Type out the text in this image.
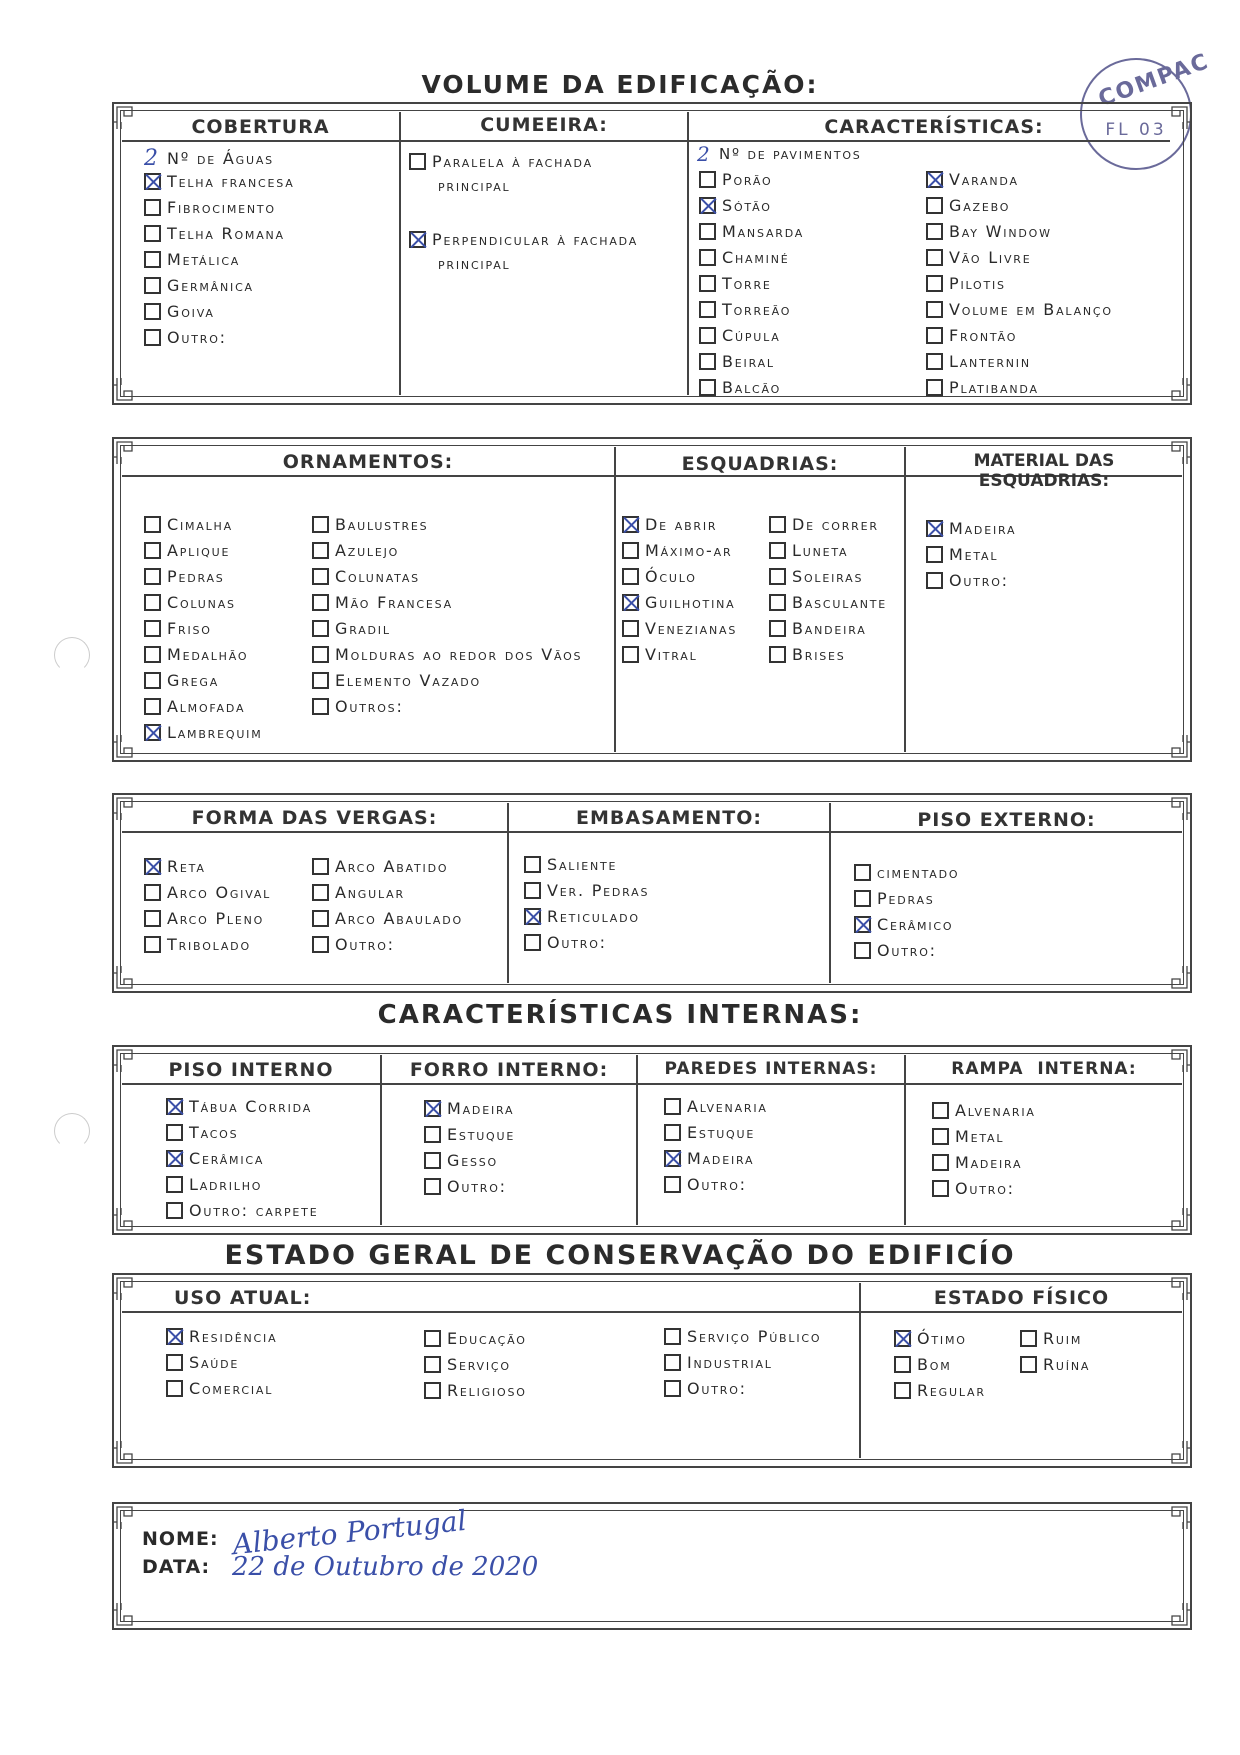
VOLUME DA EDIFICAÇÃO:	COMPAC
FL 03
COBERTURA	CUMEEIRA:	CARACTERÍSTICAS:
2 Nº de Águas
Telha francesa
Fibrocimento
Telha Romana
Metálica
Germânica
Goiva
Outro:
Paralela à fachada
principal
Perpendicular à fachada
principal
2 Nº de pavimentos
Porão
Sótão
Mansarda
Chaminé
Torre
Torreão
Cúpula
Beiral
Balcão
Varanda
Gazebo
Bay Window
Vão Livre
Pilotis
Volume em Balanço
Frontão
Lanternin
Platibanda
ORNAMENTOS:	ESQUADRIAS:	MATERIAL DAS ESQUADRIAS:
Cimalha
Aplique
Pedras
Colunas
Friso
Medalhão
Grega
Almofada
Lambrequim
Baulustres
Azulejo
Colunatas
Mão Francesa
Gradil
Molduras ao redor dos Vãos
Elemento Vazado
Outros:
De abrir
Máximo-ar
Óculo
Guilhotina
Venezianas
Vitral
De correr
Luneta
Soleiras
Basculante
Bandeira
Brises
Madeira
Metal
Outro:
FORMA DAS VERGAS:	EMBASAMENTO:	PISO EXTERNO:
Reta
Arco Ogival
Arco Pleno
Tribolado
Arco Abatido
Angular
Arco Abaulado
Outro:
Saliente
Ver. Pedras
Reticulado
Outro:
cimentado
Pedras
Cerâmico
Outro:
CARACTERÍSTICAS INTERNAS:
PISO INTERNO	FORRO INTERNO:	PAREDES INTERNAS:	RAMPA  INTERNA:
Tábua Corrida
Tacos
Cerâmica
Ladrilho
Outro: carpete
Madeira
Estuque
Gesso
Outro:
Alvenaria
Estuque
Madeira
Outro:
Alvenaria
Metal
Madeira
Outro:
ESTADO GERAL DE CONSERVAÇÃO DO EDIFICÍO
USO ATUAL:	ESTADO FÍSICO
Residência
Saúde
Comercial
Educação
Serviço
Religioso
Serviço Público
Industrial
Outro:
Ótimo
Bom
Regular
Ruim
Ruína
NOME: Alberto Portugal
DATA: 22 de Outubro de 2020
